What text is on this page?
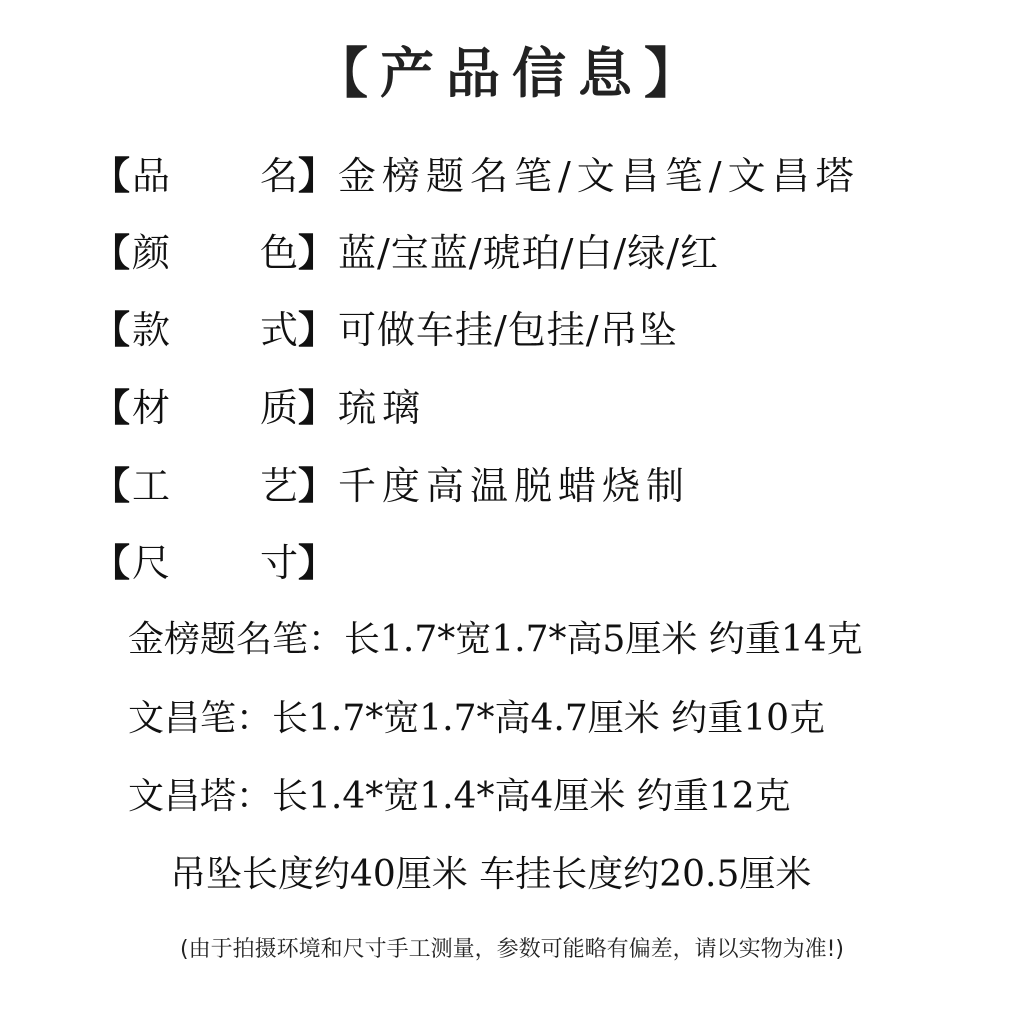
【产品信息】
【 品	名 】 金榜题名笔/文昌笔/文昌塔
【 颜	色 】 蓝/宝蓝/琥珀/白/绿/红
【 款	式 】 可做车挂/包挂/吊坠
【 材	质 】 琉璃
【 工	艺 】 千度高温脱蜡烧制
【 尺	寸 】
金榜题名笔：长1.7*宽1.7*高5厘米 约重14克
文昌笔：长1.7*宽1.7*高4.7厘米 约重10克
文昌塔：长1.4*宽1.4*高4厘米 约重12克
吊坠长度约40厘米 车挂长度约20.5厘米
(由于拍摄环境和尺寸手工测量，参数可能略有偏差，请以实物为准!)
